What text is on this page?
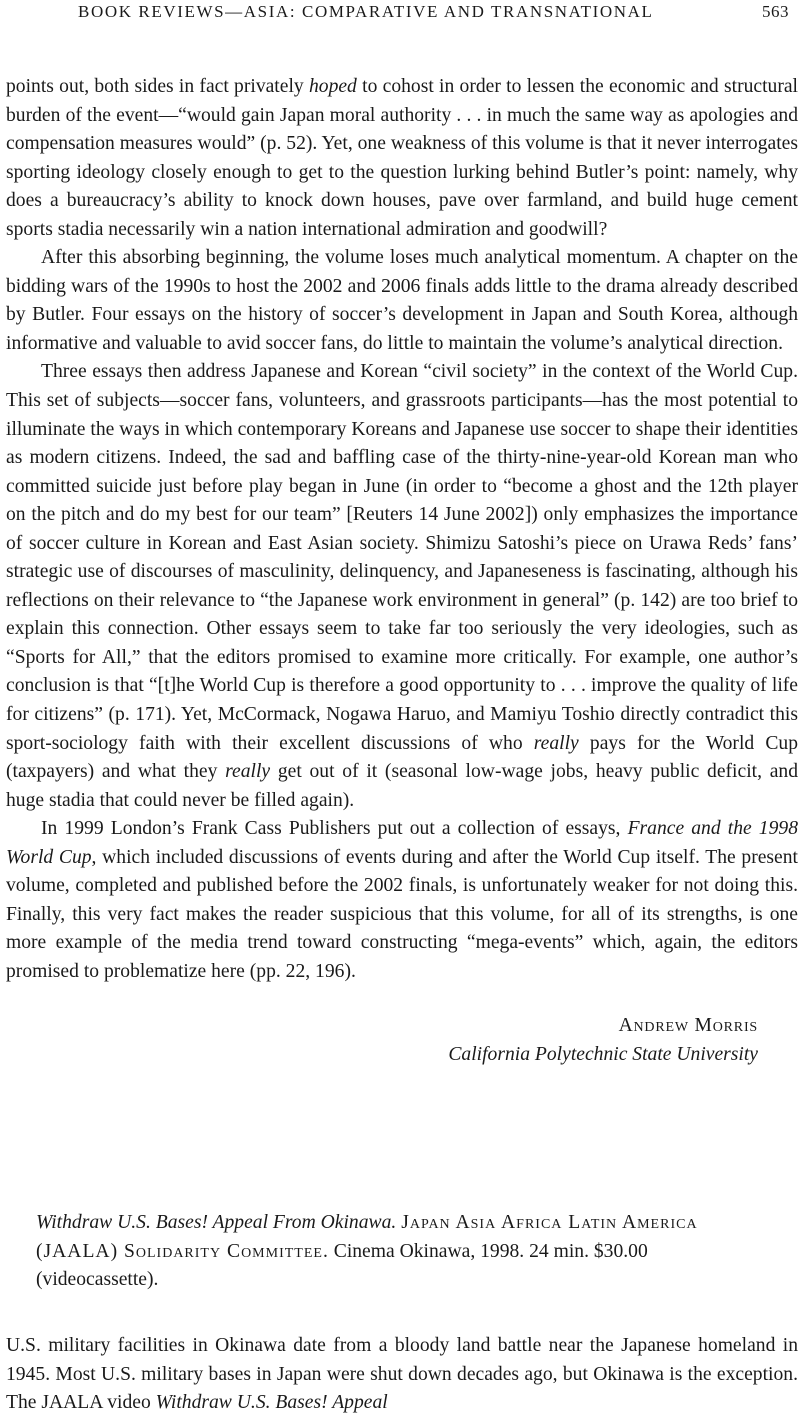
BOOK REVIEWS—ASIA: COMPARATIVE AND TRANSNATIONAL	563

points out, both sides in fact privately hoped to cohost in order to lessen the economic and structural burden of the event—“would gain Japan moral authority . . . in much the same way as apologies and compensation measures would” (p. 52). Yet, one weakness of this volume is that it never interrogates sporting ideology closely enough to get to the question lurking behind Butler’s point: namely, why does a bureaucracy’s ability to knock down houses, pave over farmland, and build huge cement sports stadia necessarily win a nation international admiration and goodwill?

After this absorbing beginning, the volume loses much analytical momentum. A chapter on the bidding wars of the 1990s to host the 2002 and 2006 finals adds little to the drama already described by Butler. Four essays on the history of soccer’s development in Japan and South Korea, although informative and valuable to avid soccer fans, do little to maintain the volume’s analytical direction.

Three essays then address Japanese and Korean “civil society” in the context of the World Cup. This set of subjects—soccer fans, volunteers, and grassroots participants—has the most potential to illuminate the ways in which contemporary Koreans and Japanese use soccer to shape their identities as modern citizens. Indeed, the sad and baffling case of the thirty-nine-year-old Korean man who committed suicide just before play began in June (in order to “become a ghost and the 12th player on the pitch and do my best for our team” [Reuters 14 June 2002]) only emphasizes the importance of soccer culture in Korean and East Asian society. Shimizu Satoshi’s piece on Urawa Reds’ fans’ strategic use of discourses of masculinity, delinquency, and Japaneseness is fascinating, although his reflections on their relevance to “the Japanese work environment in general” (p. 142) are too brief to explain this connection. Other essays seem to take far too seriously the very ideologies, such as “Sports for All,” that the editors promised to examine more critically. For example, one author’s conclusion is that “[t]he World Cup is therefore a good opportunity to . . . improve the quality of life for citizens” (p. 171). Yet, McCormack, Nogawa Haruo, and Mamiyu Toshio directly contradict this sport-sociology faith with their excellent discussions of who really pays for the World Cup (taxpayers) and what they really get out of it (seasonal low-wage jobs, heavy public deficit, and huge stadia that could never be filled again).

In 1999 London’s Frank Cass Publishers put out a collection of essays, France and the 1998 World Cup, which included discussions of events during and after the World Cup itself. The present volume, completed and published before the 2002 finals, is unfortunately weaker for not doing this. Finally, this very fact makes the reader suspicious that this volume, for all of its strengths, is one more example of the media trend toward constructing “mega-events” which, again, the editors promised to problematize here (pp. 22, 196).

Andrew Morris
California Polytechnic State University
Withdraw U.S. Bases! Appeal From Okinawa. Japan Asia Africa Latin America (JAALA) Solidarity Committee. Cinema Okinawa, 1998. 24 min. $30.00 (videocassette).

U.S. military facilities in Okinawa date from a bloody land battle near the Japanese homeland in 1945. Most U.S. military bases in Japan were shut down decades ago, but Okinawa is the exception. The JAALA video Withdraw U.S. Bases! Appeal
